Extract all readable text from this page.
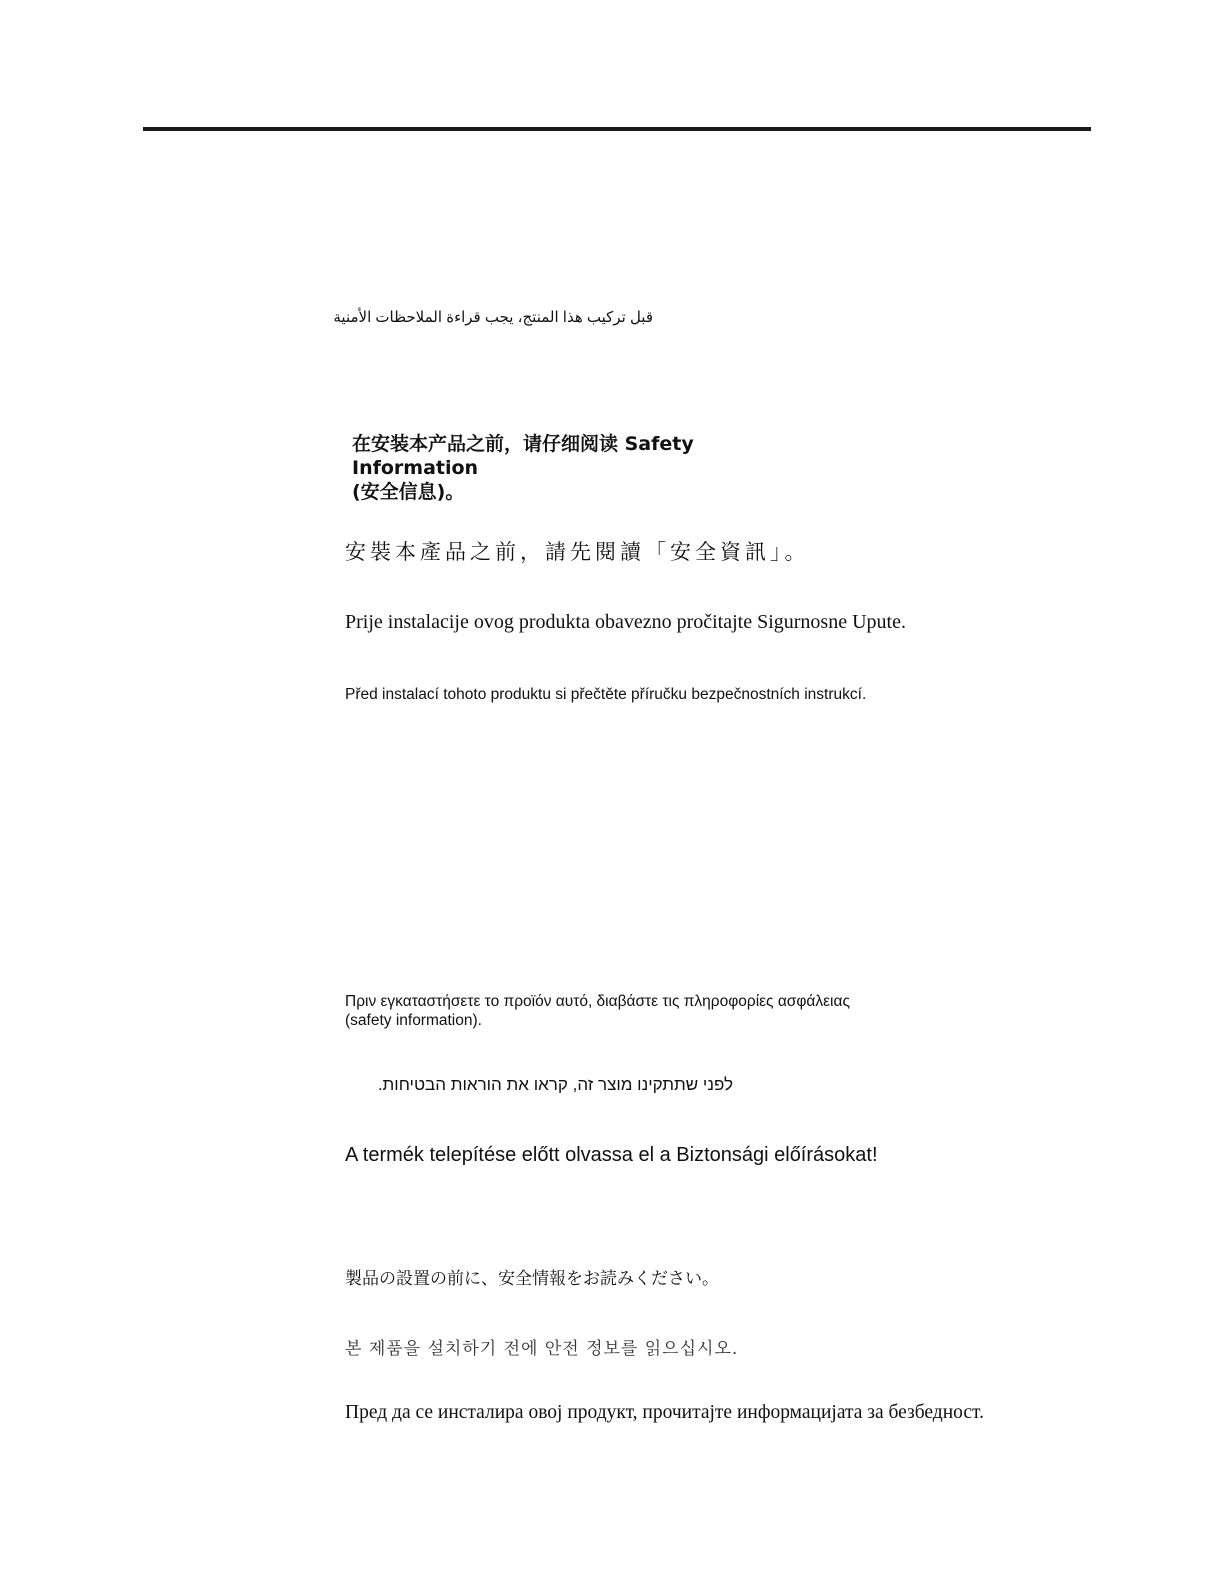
قبل تركيب هذا المنتج، يجب قراءة الملاحظات الأمنية

在安装本产品之前，请仔细阅读 Safety Information
(安全信息)。

安裝本產品之前，請先閱讀「安全資訊」。

Prije instalacije ovog produkta obavezno pročitajte Sigurnosne Upute.

Před instalací tohoto produktu si přečtěte příručku bezpečnostních instrukcí.

Πριν εγκαταστήσετε το προϊόν αυτό, διαβάστε τις πληροφορίες ασφάλειας
(safety information).

לפני שתתקינו מוצר זה, קראו את הוראות הבטיחות.

A termék telepítése előtt olvassa el a Biztonsági előírásokat!

製品の設置の前に、安全情報をお読みください。

본 제품을 설치하기 전에 안전 정보를 읽으십시오.

Пред да се инсталира овој продукт, прочитајте информацијата за безбедност.
